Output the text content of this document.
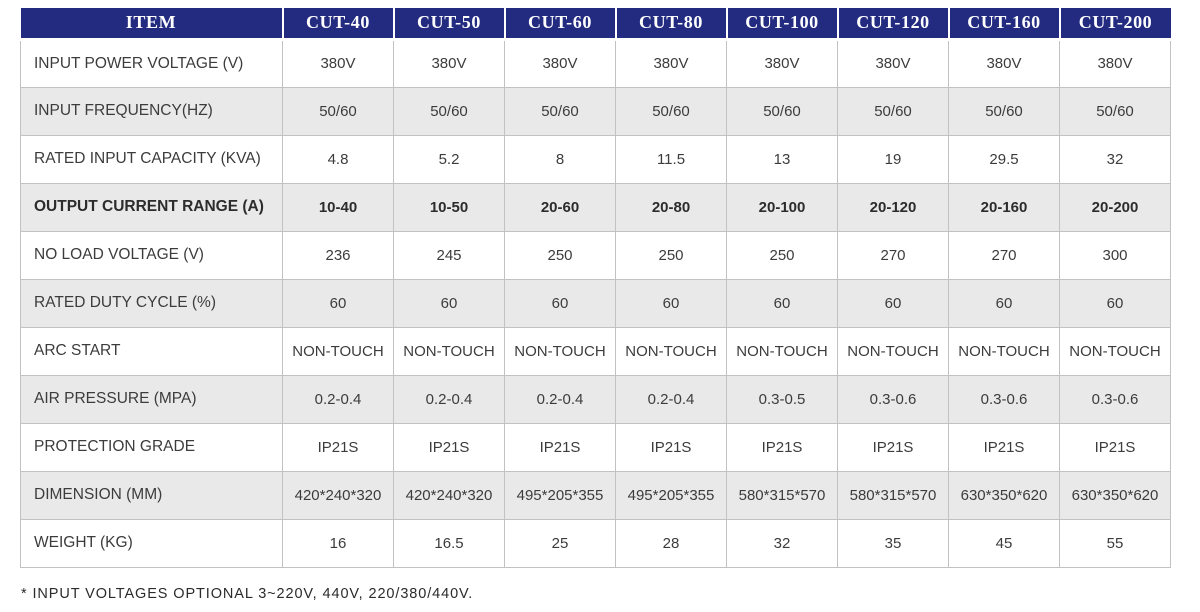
ITEM	CUT-40	CUT-50	CUT-60	CUT-80	CUT-100	CUT-120	CUT-160	CUT-200
INPUT POWER VOLTAGE (V)	380V	380V	380V	380V	380V	380V	380V	380V
INPUT FREQUENCY(HZ)	50/60	50/60	50/60	50/60	50/60	50/60	50/60	50/60
RATED INPUT CAPACITY (KVA)	4.8	5.2	8	11.5	13	19	29.5	32
OUTPUT CURRENT RANGE (A)	10-40	10-50	20-60	20-80	20-100	20-120	20-160	20-200
NO LOAD VOLTAGE (V)	236	245	250	250	250	270	270	300
RATED DUTY CYCLE (%)	60	60	60	60	60	60	60	60
ARC START	NON-TOUCH	NON-TOUCH	NON-TOUCH	NON-TOUCH	NON-TOUCH	NON-TOUCH	NON-TOUCH	NON-TOUCH
AIR PRESSURE (MPA)	0.2-0.4	0.2-0.4	0.2-0.4	0.2-0.4	0.3-0.5	0.3-0.6	0.3-0.6	0.3-0.6
PROTECTION GRADE	IP21S	IP21S	IP21S	IP21S	IP21S	IP21S	IP21S	IP21S
DIMENSION (MM)	420*240*320	420*240*320	495*205*355	495*205*355	580*315*570	580*315*570	630*350*620	630*350*620
WEIGHT (KG)	16	16.5	25	28	32	35	45	55
* INPUT VOLTAGES OPTIONAL 3~220V, 440V, 220/380/440V.
